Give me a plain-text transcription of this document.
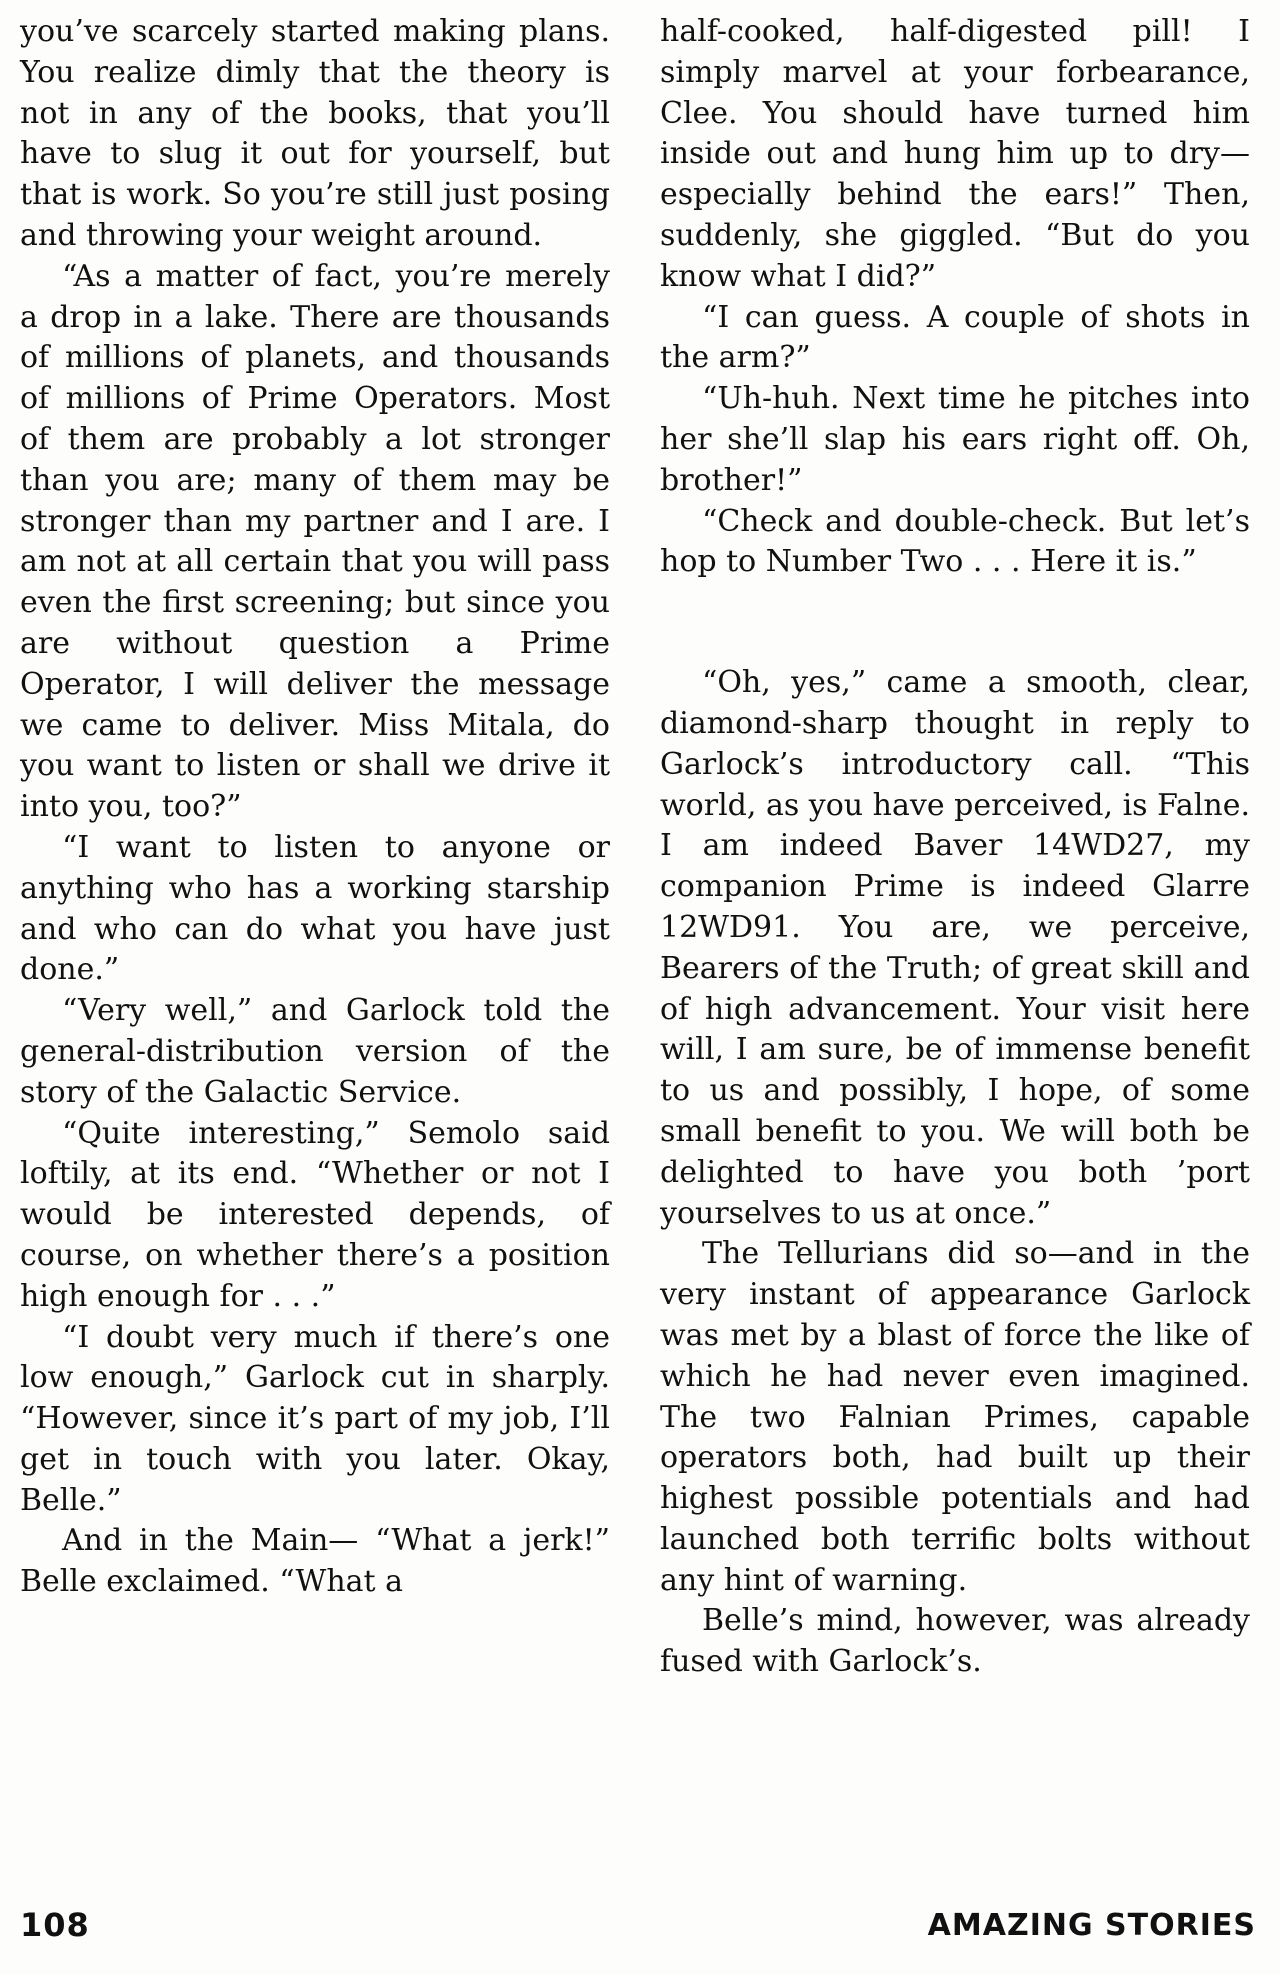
you’ve scarcely started making plans. You realize dimly that the theory is not in any of the books, that you’ll have to slug it out for yourself, but that is work. So you’re still just posing and throwing your weight around.

“As a matter of fact, you’re merely a drop in a lake. There are thousands of millions of planets, and thousands of millions of Prime Operators. Most of them are probably a lot stronger than you are; many of them may be stronger than my partner and I are. I am not at all certain that you will pass even the first screening; but since you are without question a Prime Operator, I will deliver the message we came to deliver. Miss Mitala, do you want to listen or shall we drive it into you, too?”

“I want to listen to anyone or anything who has a working starship and who can do what you have just done.”

“Very well,” and Garlock told the general-distribution version of the story of the Galactic Service.

“Quite interesting,” Semolo said loftily, at its end. “Whether or not I would be interested depends, of course, on whether there’s a position high enough for . . .”

“I doubt very much if there’s one low enough,” Garlock cut in sharply. “However, since it’s part of my job, I’ll get in touch with you later. Okay, Belle.”

And in the Main— “What a jerk!” Belle exclaimed. “What a

half-cooked, half-digested pill! I simply marvel at your forbearance, Clee. You should have turned him inside out and hung him up to dry—especially behind the ears!” Then, suddenly, she giggled. “But do you know what I did?”

“I can guess. A couple of shots in the arm?”

“Uh-huh. Next time he pitches into her she’ll slap his ears right off. Oh, brother!”

“Check and double-check. But let’s hop to Number Two . . . Here it is.”

“Oh, yes,” came a smooth, clear, diamond-sharp thought in reply to Garlock’s introductory call. “This world, as you have perceived, is Falne. I am indeed Baver 14WD27, my companion Prime is indeed Glarre 12WD91. You are, we perceive, Bearers of the Truth; of great skill and of high advancement. Your visit here will, I am sure, be of immense benefit to us and possibly, I hope, of some small benefit to you. We will both be delighted to have you both ’port yourselves to us at once.”

The Tellurians did so—and in the very instant of appearance Garlock was met by a blast of force the like of which he had never even imagined. The two Falnian Primes, capable operators both, had built up their highest possible potentials and had launched both terrific bolts without any hint of warning.

Belle’s mind, however, was already fused with Garlock’s.

108	AMAZING STORIES
